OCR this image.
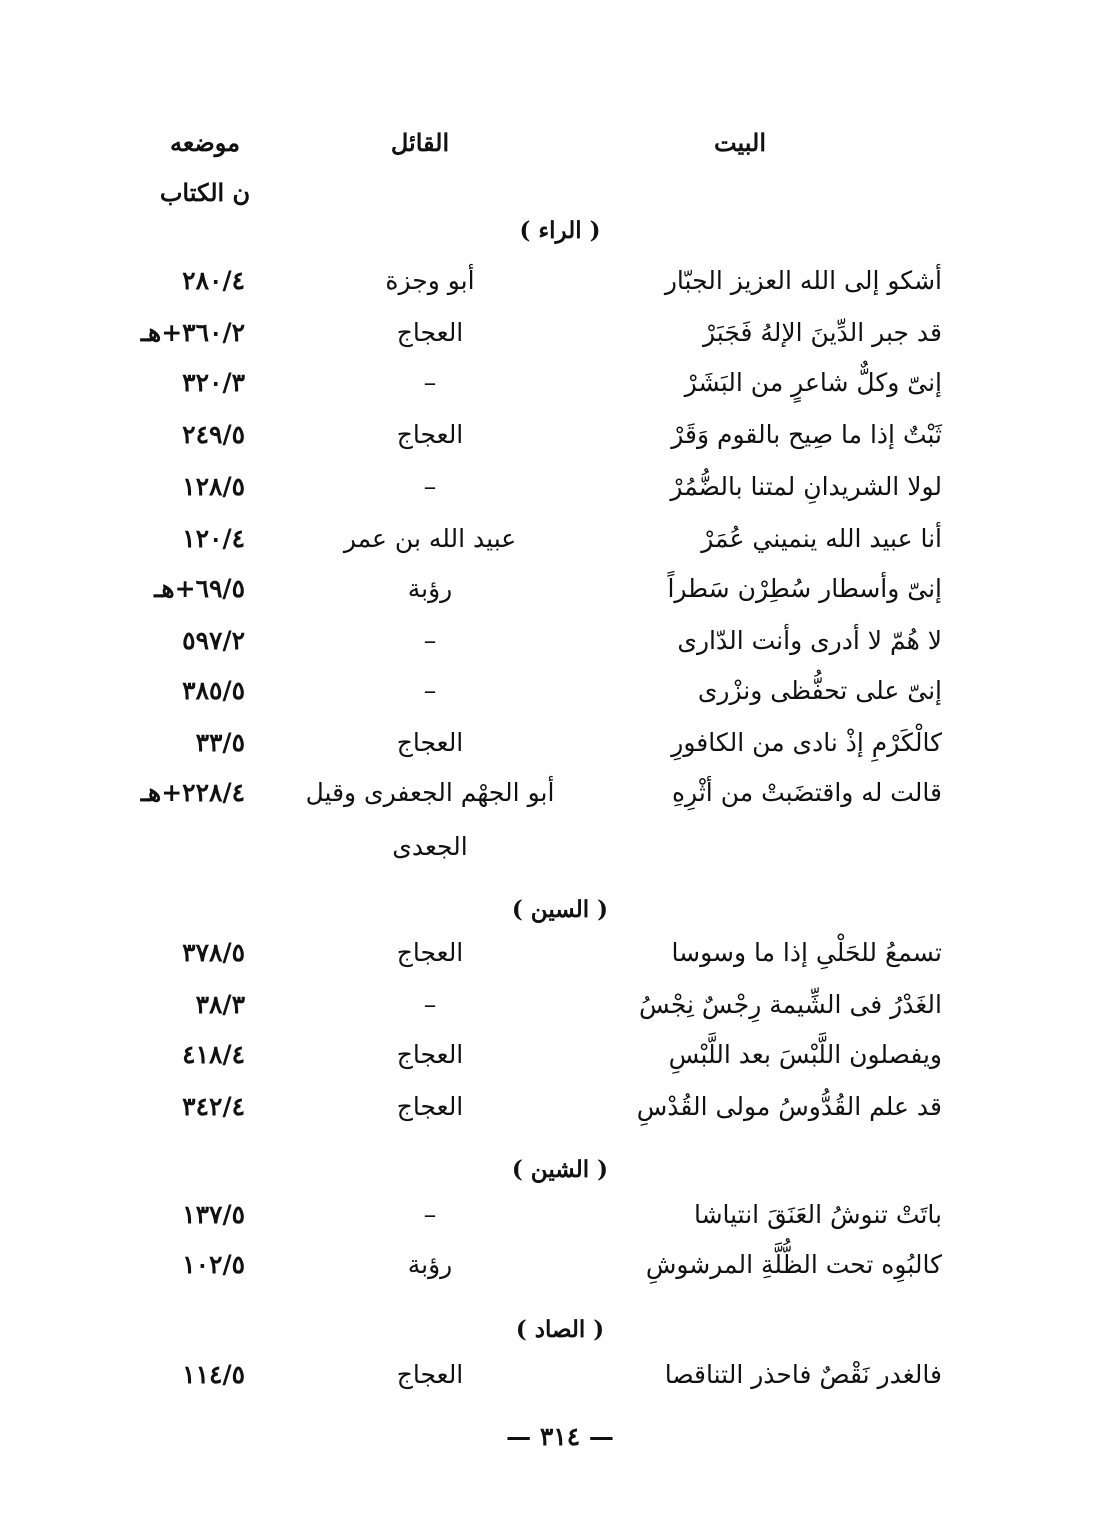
البيت
القائل
موضعه
ن الكتاب
( الراء )
أشكو إلى الله العزيز الجبّار
أبو وجزة
٢٨٠/٤
قد جبر الدِّينَ الإلهُ فَجَبَرْ
العجاج
٣٦٠/٢+هـ
إنىّ وكلٌّ شاعرٍ من البَشَرْ
–
٣٢٠/٣
ثَبْتٌ إذا ما صِيح بالقوم وَقَرْ
العجاج
٢٤٩/٥
لولا الشريدانِ لمتنا بالضُّمُرْ
–
١٢٨/٥
أنا عبيد الله ينميني عُمَرْ
عبيد الله بن عمر
١٢٠/٤
إنىّ وأسطار سُطِرْن سَطراً
رؤبة
٦٩/٥+هـ
لا هُمّ لا أدرى وأنت الدّارى
–
٥٩٧/٢
إنىّ على تحفُّظى ونزْرى
–
٣٨٥/٥
كالْكَرْمِ إذْ نادى من الكافورِ
العجاج
٣٣/٥
قالت له واقتضَبتْ من أثْرِهِ
أبو الجهْم الجعفرى وقيل
الجعدى
٢٢٨/٤+هـ
( السين )
تسمعُ للحَلْىِ إذا ما وسوسا
العجاج
٣٧٨/٥
الغَدْرُ فى الشِّيمة رِجْسٌ نِجْسُ
–
٣٨/٣
ويفصلون اللَّبْسَ بعد اللَّبْسِ
العجاج
٤١٨/٤
قد علم القُدُّوسُ مولى القُدْسِ
العجاج
٣٤٢/٤
( الشين )
باتَتْ تنوشُ العَنَقَ انتياشا
–
١٣٧/٥
كالبُوِه تحت الظُّلَّةِ المرشوشِ
رؤبة
١٠٢/٥
( الصاد )
فالغدر نَقْصٌ فاحذر التناقصا
العجاج
١١٤/٥
— ٣١٤ —
